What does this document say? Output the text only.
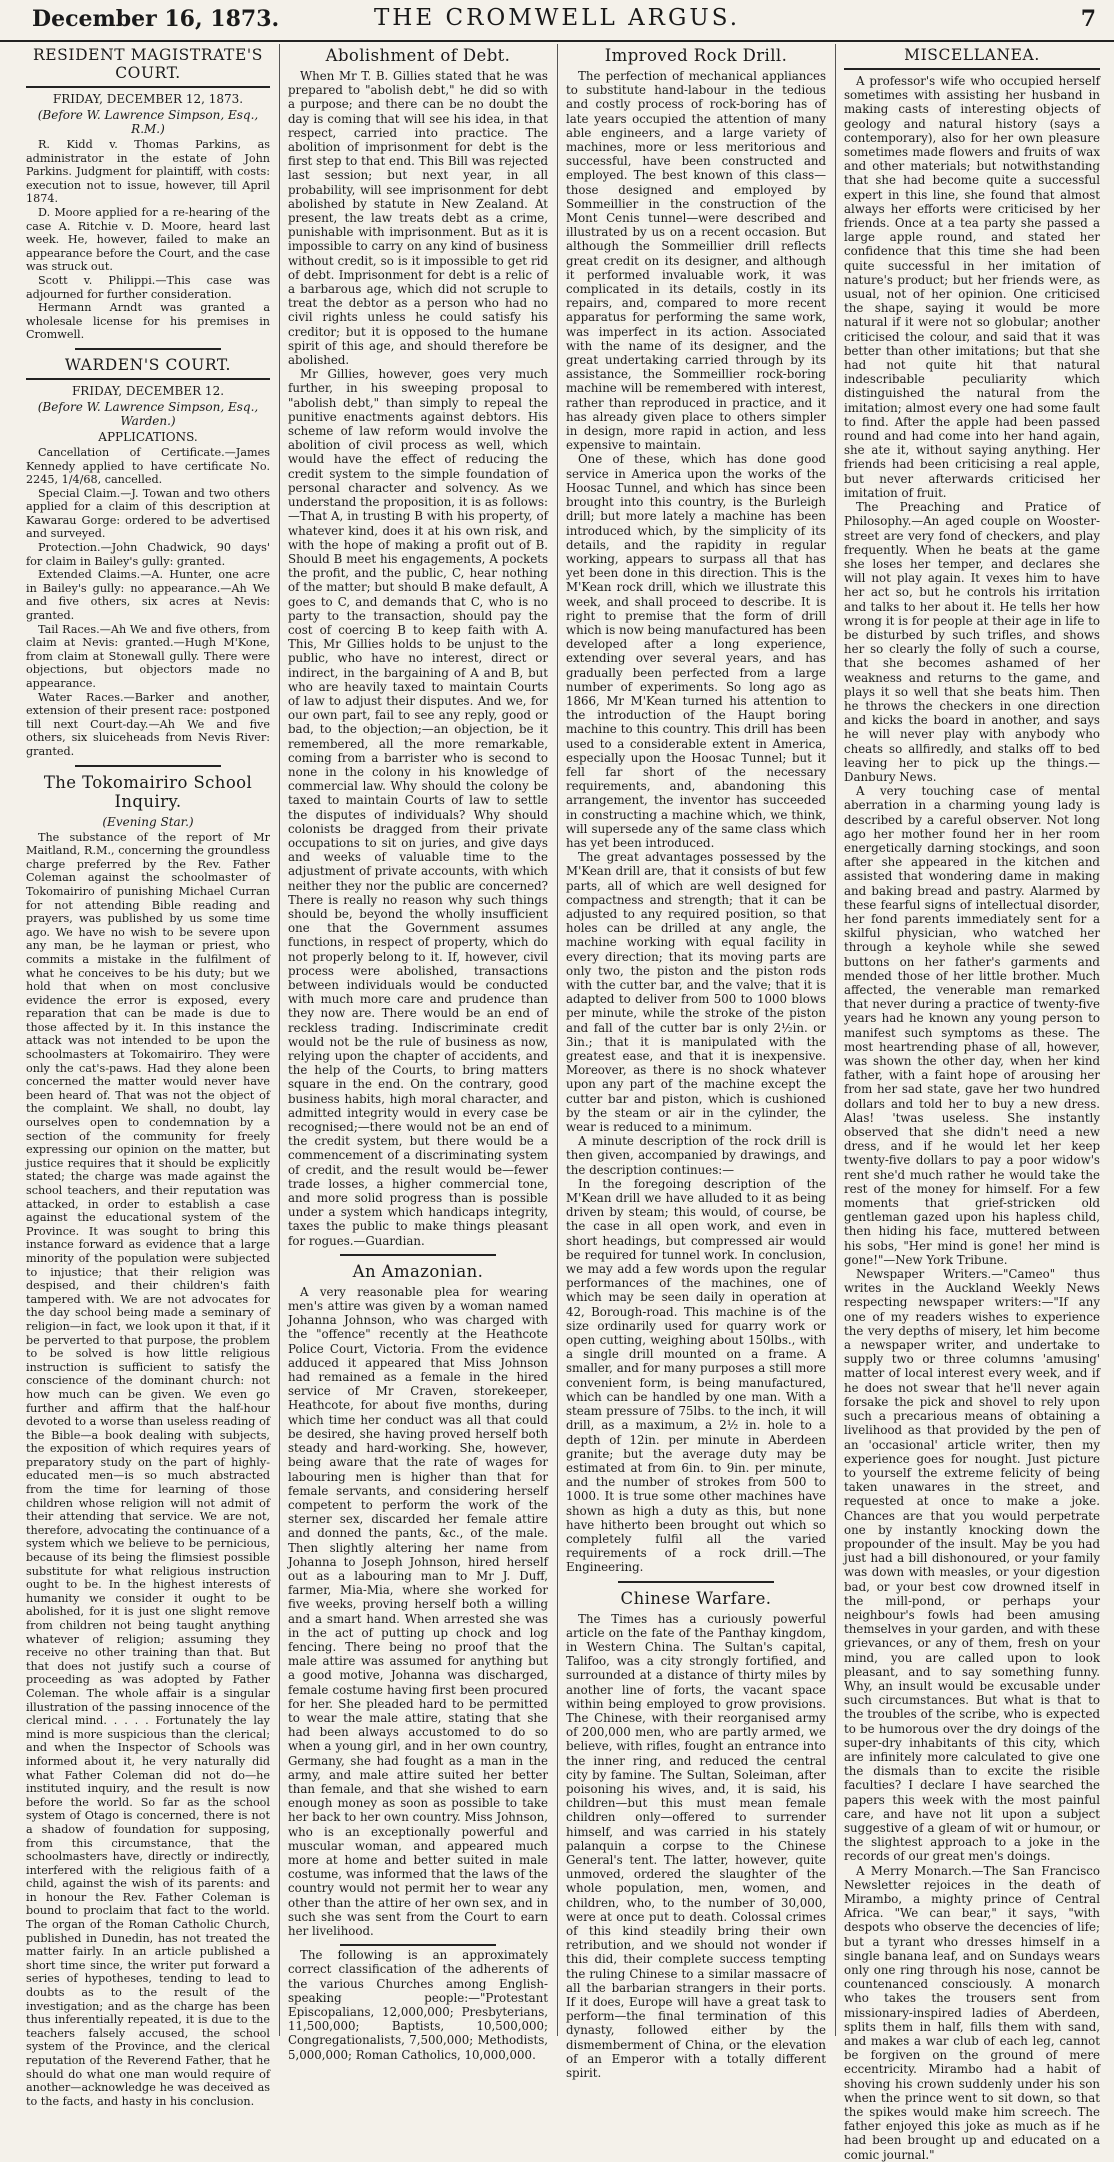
December 16, 1873.	THE CROMWELL ARGUS.	7
RESIDENT MAGISTRATE'S COURT.
FRIDAY, DECEMBER 12, 1873.
(Before W. Lawrence Simpson, Esq., R.M.)

R. Kidd v. Thomas Parkins, as administrator in the estate of John Parkins. Judgment for plaintiff, with costs: execution not to issue, however, till April 1874.

D. Moore applied for a re-hearing of the case A. Ritchie v. D. Moore, heard last week. He, however, failed to make an appearance before the Court, and the case was struck out.

Scott v. Philippi.—This case was adjourned for further consideration.

Hermann Arndt was granted a wholesale license for his premises in Cromwell.

WARDEN'S COURT.
FRIDAY, DECEMBER 12.
(Before W. Lawrence Simpson, Esq., Warden.)
APPLICATIONS.

Cancellation of Certificate.—James Kennedy applied to have certificate No. 2245, 1/4/68, cancelled.

Special Claim.—J. Towan and two others applied for a claim of this description at Kawarau Gorge: ordered to be advertised and surveyed.

Protection.—John Chadwick, 90 days' for claim in Bailey's gully: granted.

Extended Claims.—A. Hunter, one acre in Bailey's gully: no appearance.—Ah We and five others, six acres at Nevis: granted.

Tail Races.—Ah We and five others, from claim at Nevis: granted.—Hugh M'Kone, from claim at Stonewall gully. There were objections, but objectors made no appearance.

Water Races.—Barker and another, extension of their present race: postponed till next Court-day.—Ah We and five others, six sluiceheads from Nevis River: granted.

The Tokomairiro School Inquiry.
(Evening Star.)

The substance of the report of Mr Maitland, R.M., concerning the groundless charge preferred by the Rev. Father Coleman against the schoolmaster of Tokomairiro of punishing Michael Curran for not attending Bible reading and prayers, was published by us some time ago. We have no wish to be severe upon any man, be he layman or priest, who commits a mistake in the fulfilment of what he conceives to be his duty; but we hold that when on most conclusive evidence the error is exposed, every reparation that can be made is due to those affected by it. In this instance the attack was not intended to be upon the schoolmasters at Tokomairiro. They were only the cat's-paws. Had they alone been concerned the matter would never have been heard of. That was not the object of the complaint. We shall, no doubt, lay ourselves open to condemnation by a section of the community for freely expressing our opinion on the matter, but justice requires that it should be explicitly stated; the charge was made against the school teachers, and their reputation was attacked, in order to establish a case against the educational system of the Province. It was sought to bring this instance forward as evidence that a large minority of the population were subjected to injustice; that their religion was despised, and their children's faith tampered with. We are not advocates for the day school being made a seminary of religion—in fact, we look upon it that, if it be perverted to that purpose, the problem to be solved is how little religious instruction is sufficient to satisfy the conscience of the dominant church: not how much can be given. We even go further and affirm that the half-hour devoted to a worse than useless reading of the Bible—a book dealing with subjects, the exposition of which requires years of preparatory study on the part of highly-educated men—is so much abstracted from the time for learning of those children whose religion will not admit of their attending that service. We are not, therefore, advocating the continuance of a system which we believe to be pernicious, because of its being the flimsiest possible substitute for what religious instruction ought to be. In the highest interests of humanity we consider it ought to be abolished, for it is just one slight remove from children not being taught anything whatever of religion; assuming they receive no other training than that. But that does not justify such a course of proceeding as was adopted by Father Coleman. The whole affair is a singular illustration of the passing innocence of the clerical mind. . . . . Fortunately the lay mind is more suspicious than the clerical; and when the Inspector of Schools was informed about it, he very naturally did what Father Coleman did not do—he instituted inquiry, and the result is now before the world. So far as the school system of Otago is concerned, there is not a shadow of foundation for supposing, from this circumstance, that the schoolmasters have, directly or indirectly, interfered with the religious faith of a child, against the wish of its parents: and in honour the Rev. Father Coleman is bound to proclaim that fact to the world. The organ of the Roman Catholic Church, published in Dunedin, has not treated the matter fairly. In an article published a short time since, the writer put forward a series of hypotheses, tending to lead to doubts as to the result of the investigation; and as the charge has been thus inferentially repeated, it is due to the teachers falsely accused, the school system of the Province, and the clerical reputation of the Reverend Father, that he should do what one man would require of another—acknowledge he was deceived as to the facts, and hasty in his conclusion.

Abolishment of Debt.

When Mr T. B. Gillies stated that he was prepared to "abolish debt," he did so with a purpose; and there can be no doubt the day is coming that will see his idea, in that respect, carried into practice. The abolition of imprisonment for debt is the first step to that end. This Bill was rejected last session; but next year, in all probability, will see imprisonment for debt abolished by statute in New Zealand. At present, the law treats debt as a crime, punishable with imprisonment. But as it is impossible to carry on any kind of business without credit, so is it impossible to get rid of debt. Imprisonment for debt is a relic of a barbarous age, which did not scruple to treat the debtor as a person who had no civil rights unless he could satisfy his creditor; but it is opposed to the humane spirit of this age, and should therefore be abolished.

Mr Gillies, however, goes very much further, in his sweeping proposal to "abolish debt," than simply to repeal the punitive enactments against debtors. His scheme of law reform would involve the abolition of civil process as well, which would have the effect of reducing the credit system to the simple foundation of personal character and solvency. As we understand the proposition, it is as follows:—That A, in trusting B with his property, of whatever kind, does it at his own risk, and with the hope of making a profit out of B. Should B meet his engagements, A pockets the profit, and the public, C, hear nothing of the matter; but should B make default, A goes to C, and demands that C, who is no party to the transaction, should pay the cost of coercing B to keep faith with A. This, Mr Gillies holds to be unjust to the public, who have no interest, direct or indirect, in the bargaining of A and B, but who are heavily taxed to maintain Courts of law to adjust their disputes. And we, for our own part, fail to see any reply, good or bad, to the objection;—an objection, be it remembered, all the more remarkable, coming from a barrister who is second to none in the colony in his knowledge of commercial law. Why should the colony be taxed to maintain Courts of law to settle the disputes of individuals? Why should colonists be dragged from their private occupations to sit on juries, and give days and weeks of valuable time to the adjustment of private accounts, with which neither they nor the public are concerned? There is really no reason why such things should be, beyond the wholly insufficient one that the Government assumes functions, in respect of property, which do not properly belong to it. If, however, civil process were abolished, transactions between individuals would be conducted with much more care and prudence than they now are. There would be an end of reckless trading. Indiscriminate credit would not be the rule of business as now, relying upon the chapter of accidents, and the help of the Courts, to bring matters square in the end. On the contrary, good business habits, high moral character, and admitted integrity would in every case be recognised;—there would not be an end of the credit system, but there would be a commencement of a discriminating system of credit, and the result would be—fewer trade losses, a higher commercial tone, and more solid progress than is possible under a system which handicaps integrity, taxes the public to make things pleasant for rogues.—Guardian.

An Amazonian.

A very reasonable plea for wearing men's attire was given by a woman named Johanna Johnson, who was charged with the "offence" recently at the Heathcote Police Court, Victoria. From the evidence adduced it appeared that Miss Johnson had remained as a female in the hired service of Mr Craven, storekeeper, Heathcote, for about five months, during which time her conduct was all that could be desired, she having proved herself both steady and hard-working. She, however, being aware that the rate of wages for labouring men is higher than that for female servants, and considering herself competent to perform the work of the sterner sex, discarded her female attire and donned the pants, &c., of the male. Then slightly altering her name from Johanna to Joseph Johnson, hired herself out as a labouring man to Mr J. Duff, farmer, Mia-Mia, where she worked for five weeks, proving herself both a willing and a smart hand. When arrested she was in the act of putting up chock and log fencing. There being no proof that the male attire was assumed for anything but a good motive, Johanna was discharged, female costume having first been procured for her. She pleaded hard to be permitted to wear the male attire, stating that she had been always accustomed to do so when a young girl, and in her own country, Germany, she had fought as a man in the army, and male attire suited her better than female, and that she wished to earn enough money as soon as possible to take her back to her own country. Miss Johnson, who is an exceptionally powerful and muscular woman, and appeared much more at home and better suited in male costume, was informed that the laws of the country would not permit her to wear any other than the attire of her own sex, and in such she was sent from the Court to earn her livelihood.

The following is an approximately correct classification of the adherents of the various Churches among English-speaking people:—"Protestant Episcopalians, 12,000,000; Presbyterians, 11,500,000; Baptists, 10,500,000; Congregationalists, 7,500,000; Methodists, 5,000,000; Roman Catholics, 10,000,000.

Improved Rock Drill.

The perfection of mechanical appliances to substitute hand-labour in the tedious and costly process of rock-boring has of late years occupied the attention of many able engineers, and a large variety of machines, more or less meritorious and successful, have been constructed and employed. The best known of this class—those designed and employed by Sommeillier in the construction of the Mont Cenis tunnel—were described and illustrated by us on a recent occasion. But although the Sommeillier drill reflects great credit on its designer, and although it performed invaluable work, it was complicated in its details, costly in its repairs, and, compared to more recent apparatus for performing the same work, was imperfect in its action. Associated with the name of its designer, and the great undertaking carried through by its assistance, the Sommeillier rock-boring machine will be remembered with interest, rather than reproduced in practice, and it has already given place to others simpler in design, more rapid in action, and less expensive to maintain.

One of these, which has done good service in America upon the works of the Hoosac Tunnel, and which has since been brought into this country, is the Burleigh drill; but more lately a machine has been introduced which, by the simplicity of its details, and the rapidity in regular working, appears to surpass all that has yet been done in this direction. This is the M'Kean rock drill, which we illustrate this week, and shall proceed to describe. It is right to premise that the form of drill which is now being manufactured has been developed after a long experience, extending over several years, and has gradually been perfected from a large number of experiments. So long ago as 1866, Mr M'Kean turned his attention to the introduction of the Haupt boring machine to this country. This drill has been used to a considerable extent in America, especially upon the Hoosac Tunnel; but it fell far short of the necessary requirements, and, abandoning this arrangement, the inventor has succeeded in constructing a machine which, we think, will supersede any of the same class which has yet been introduced.

The great advantages possessed by the M'Kean drill are, that it consists of but few parts, all of which are well designed for compactness and strength; that it can be adjusted to any required position, so that holes can be drilled at any angle, the machine working with equal facility in every direction; that its moving parts are only two, the piston and the piston rods with the cutter bar, and the valve; that it is adapted to deliver from 500 to 1000 blows per minute, while the stroke of the piston and fall of the cutter bar is only 2½in. or 3in.; that it is manipulated with the greatest ease, and that it is inexpensive. Moreover, as there is no shock whatever upon any part of the machine except the cutter bar and piston, which is cushioned by the steam or air in the cylinder, the wear is reduced to a minimum.

A minute description of the rock drill is then given, accompanied by drawings, and the description continues:—

In the foregoing description of the M'Kean drill we have alluded to it as being driven by steam; this would, of course, be the case in all open work, and even in short headings, but compressed air would be required for tunnel work. In conclusion, we may add a few words upon the regular performances of the machines, one of which may be seen daily in operation at 42, Borough-road. This machine is of the size ordinarily used for quarry work or open cutting, weighing about 150lbs., with a single drill mounted on a frame. A smaller, and for many purposes a still more convenient form, is being manufactured, which can be handled by one man. With a steam pressure of 75lbs. to the inch, it will drill, as a maximum, a 2½ in. hole to a depth of 12in. per minute in Aberdeen granite; but the average duty may be estimated at from 6in. to 9in. per minute, and the number of strokes from 500 to 1000. It is true some other machines have shown as high a duty as this, but none have hitherto been brought out which so completely fulfil all the varied requirements of a rock drill.—The Engineering.

Chinese Warfare.

The Times has a curiously powerful article on the fate of the Panthay kingdom, in Western China. The Sultan's capital, Talifoo, was a city strongly fortified, and surrounded at a distance of thirty miles by another line of forts, the vacant space within being employed to grow provisions. The Chinese, with their reorganised army of 200,000 men, who are partly armed, we believe, with rifles, fought an entrance into the inner ring, and reduced the central city by famine. The Sultan, Soleiman, after poisoning his wives, and, it is said, his children—but this must mean female children only—offered to surrender himself, and was carried in his stately palanquin a corpse to the Chinese General's tent. The latter, however, quite unmoved, ordered the slaughter of the whole population, men, women, and children, who, to the number of 30,000, were at once put to death. Colossal crimes of this kind steadily bring their own retribution, and we should not wonder if this did, their complete success tempting the ruling Chinese to a similar massacre of all the barbarian strangers in their ports. If it does, Europe will have a great task to perform—the final termination of this dynasty, followed either by the dismemberment of China, or the elevation of an Emperor with a totally different spirit.

MISCELLANEA.

A professor's wife who occupied herself sometimes with assisting her husband in making casts of interesting objects of geology and natural history (says a contemporary), also for her own pleasure sometimes made flowers and fruits of wax and other materials; but notwithstanding that she had become quite a successful expert in this line, she found that almost always her efforts were criticised by her friends. Once at a tea party she passed a large apple round, and stated her confidence that this time she had been quite successful in her imitation of nature's product; but her friends were, as usual, not of her opinion. One criticised the shape, saying it would be more natural if it were not so globular; another criticised the colour, and said that it was better than other imitations; but that she had not quite hit that natural indescribable peculiarity which distinguished the natural from the imitation; almost every one had some fault to find. After the apple had been passed round and had come into her hand again, she ate it, without saying anything. Her friends had been criticising a real apple, but never afterwards criticised her imitation of fruit.

The Preaching and Pratice of Philosophy.—An aged couple on Wooster-street are very fond of checkers, and play frequently. When he beats at the game she loses her temper, and declares she will not play again. It vexes him to have her act so, but he controls his irritation and talks to her about it. He tells her how wrong it is for people at their age in life to be disturbed by such trifles, and shows her so clearly the folly of such a course, that she becomes ashamed of her weakness and returns to the game, and plays it so well that she beats him. Then he throws the checkers in one direction and kicks the board in another, and says he will never play with anybody who cheats so allfiredly, and stalks off to bed leaving her to pick up the things.—Danbury News.

A very touching case of mental aberration in a charming young lady is described by a careful observer. Not long ago her mother found her in her room energetically darning stockings, and soon after she appeared in the kitchen and assisted that wondering dame in making and baking bread and pastry. Alarmed by these fearful signs of intellectual disorder, her fond parents immediately sent for a skilful physician, who watched her through a keyhole while she sewed buttons on her father's garments and mended those of her little brother. Much affected, the venerable man remarked that never during a practice of twenty-five years had he known any young person to manifest such symptoms as these. The most heartrending phase of all, however, was shown the other day, when her kind father, with a faint hope of arousing her from her sad state, gave her two hundred dollars and told her to buy a new dress. Alas! 'twas useless. She instantly observed that she didn't need a new dress, and if he would let her keep twenty-five dollars to pay a poor widow's rent she'd much rather he would take the rest of the money for himself. For a few moments that grief-stricken old gentleman gazed upon his hapless child, then hiding his face, muttered between his sobs, "Her mind is gone! her mind is gone!"—New York Tribune.

Newspaper Writers.—"Cameo" thus writes in the Auckland Weekly News respecting newspaper writers:—"If any one of my readers wishes to experience the very depths of misery, let him become a newspaper writer, and undertake to supply two or three columns 'amusing' matter of local interest every week, and if he does not swear that he'll never again forsake the pick and shovel to rely upon such a precarious means of obtaining a livelihood as that provided by the pen of an 'occasional' article writer, then my experience goes for nought. Just picture to yourself the extreme felicity of being taken unawares in the street, and requested at once to make a joke. Chances are that you would perpetrate one by instantly knocking down the propounder of the insult. May be you had just had a bill dishonoured, or your family was down with measles, or your digestion bad, or your best cow drowned itself in the mill-pond, or perhaps your neighbour's fowls had been amusing themselves in your garden, and with these grievances, or any of them, fresh on your mind, you are called upon to look pleasant, and to say something funny. Why, an insult would be excusable under such circumstances. But what is that to the troubles of the scribe, who is expected to be humorous over the dry doings of the super-dry inhabitants of this city, which are infinitely more calculated to give one the dismals than to excite the risible faculties? I declare I have searched the papers this week with the most painful care, and have not lit upon a subject suggestive of a gleam of wit or humour, or the slightest approach to a joke in the records of our great men's doings.

A Merry Monarch.—The San Francisco Newsletter rejoices in the death of Mirambo, a mighty prince of Central Africa. "We can bear," it says, "with despots who observe the decencies of life; but a tyrant who dresses himself in a single banana leaf, and on Sundays wears only one ring through his nose, cannot be countenanced consciously. A monarch who takes the trousers sent from missionary-inspired ladies of Aberdeen, splits them in half, fills them with sand, and makes a war club of each leg, cannot be forgiven on the ground of mere eccentricity. Mirambo had a habit of shoving his crown suddenly under his son when the prince went to sit down, so that the spikes would make him screech. The father enjoyed this joke as much as if he had been brought up and educated on a comic journal."
